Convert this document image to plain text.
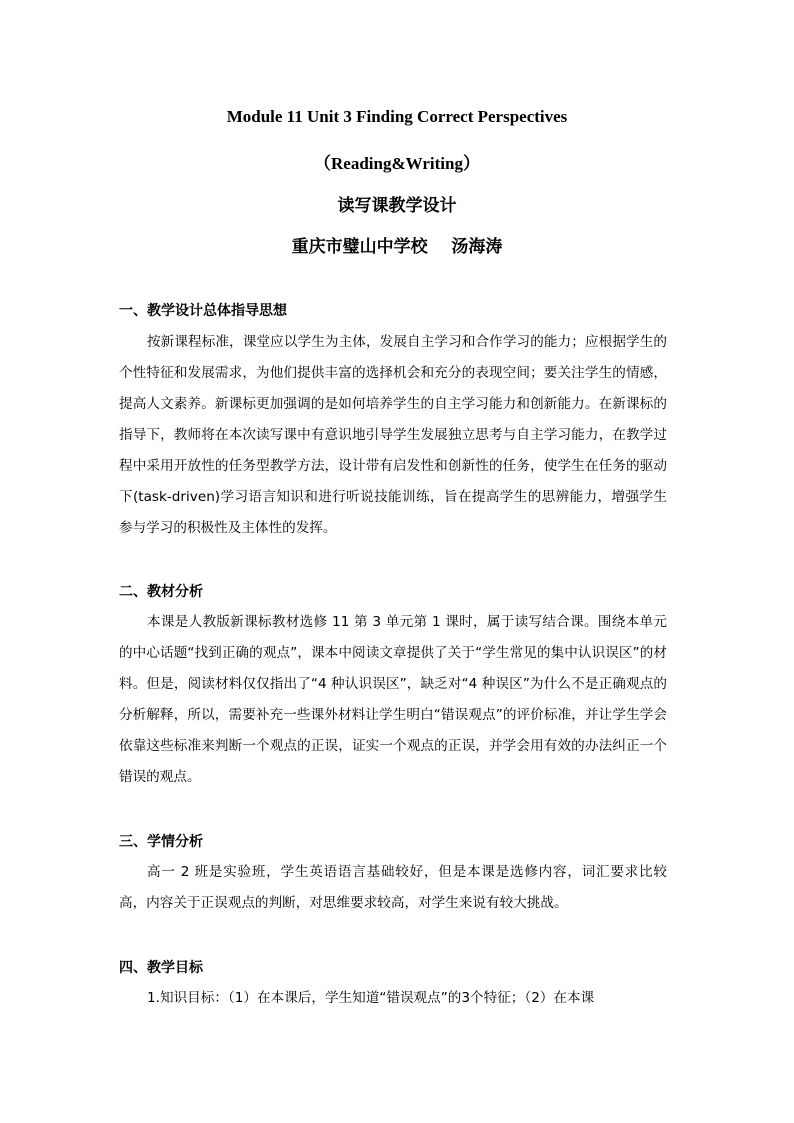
Module 11 Unit 3 Finding Correct Perspectives
（Reading&Writing）
读写课教学设计
重庆市璧山中学校    汤海涛
一、教学设计总体指导思想

按新课程标准，课堂应以学生为主体，发展自主学习和合作学习的能力；应根据学生的个性特征和发展需求，为他们提供丰富的选择机会和充分的表现空间；要关注学生的情感，提高人文素养。新课标更加强调的是如何培养学生的自主学习能力和创新能力。在新课标的指导下，教师将在本次读写课中有意识地引导学生发展独立思考与自主学习能力，在教学过程中采用开放性的任务型教学方法，设计带有启发性和创新性的任务，使学生在任务的驱动下(task-driven)学习语言知识和进行听说技能训练，旨在提高学生的思辨能力，增强学生参与学习的积极性及主体性的发挥。

二、教材分析

本课是人教版新课标教材选修 11 第 3 单元第 1 课时，属于读写结合课。围绕本单元的中心话题“找到正确的观点”，课本中阅读文章提供了关于“学生常见的集中认识误区”的材料。但是，阅读材料仅仅指出了“4 种认识误区”，缺乏对“4 种误区”为什么不是正确观点的分析解释，所以，需要补充一些课外材料让学生明白“错误观点”的评价标准，并让学生学会依靠这些标准来判断一个观点的正误，证实一个观点的正误，并学会用有效的办法纠正一个错误的观点。

三、学情分析

高一 2 班是实验班，学生英语语言基础较好，但是本课是选修内容，词汇要求比较高，内容关于正误观点的判断，对思维要求较高，对学生来说有较大挑战。

四、教学目标

1.知识目标：（1）在本课后，学生知道“错误观点”的3个特征；（2）在本课
